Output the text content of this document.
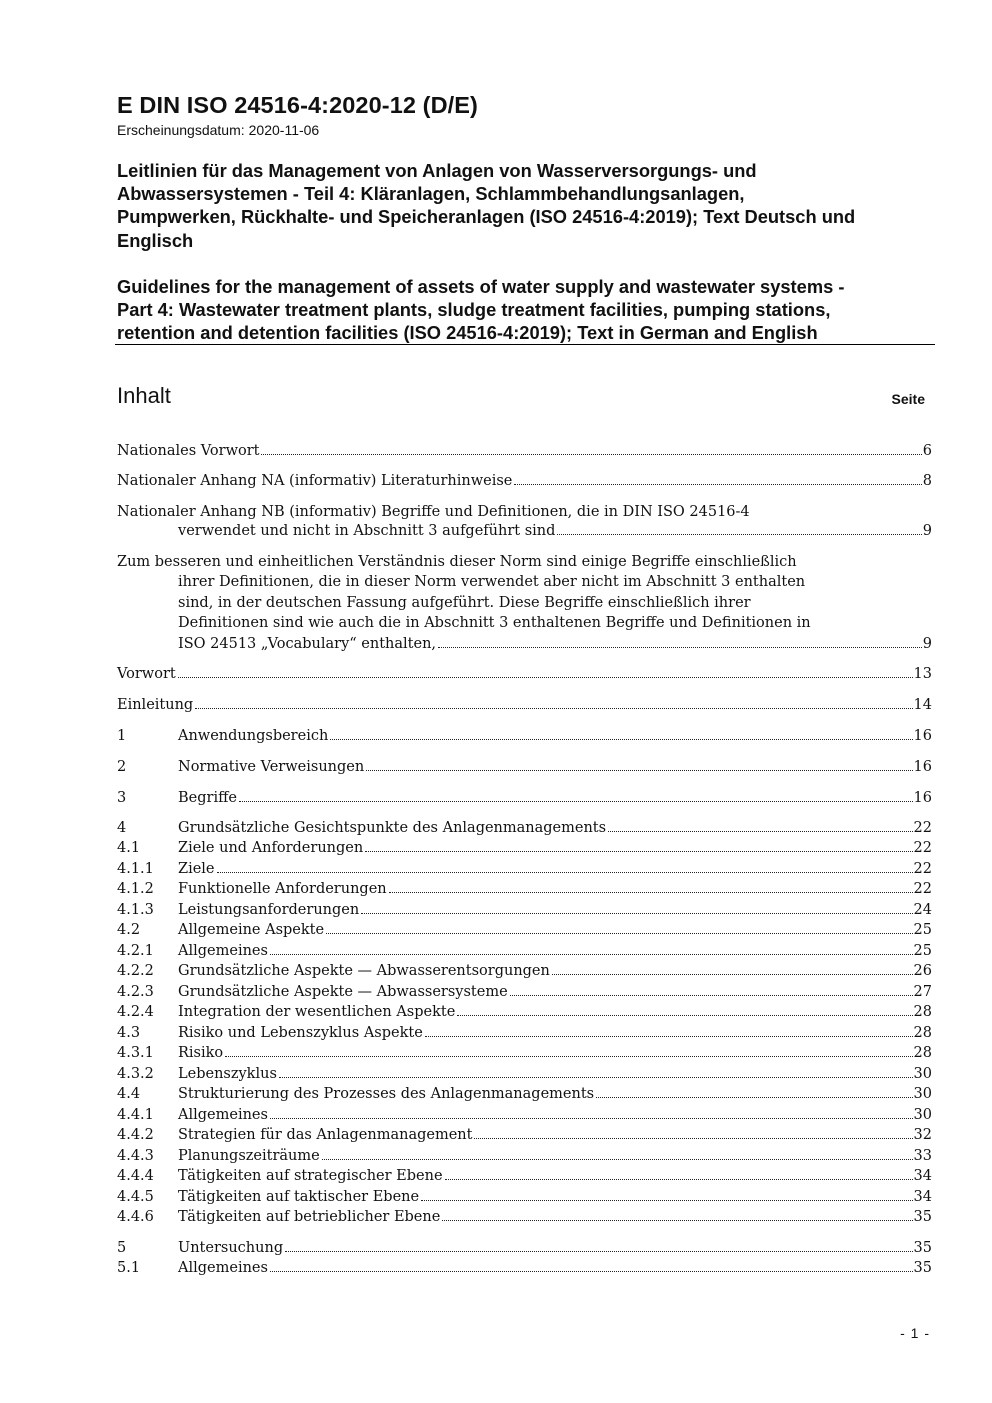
E DIN ISO 24516-4:2020-12 (D/E)
Erscheinungsdatum: 2020-11-06
Leitlinien für das Management von Anlagen von Wasserversorgungs- und
Abwassersystemen - Teil 4: Kläranlagen, Schlammbehandlungsanlagen,
Pumpwerken, Rückhalte- und Speicheranlagen (ISO 24516-4:2019); Text Deutsch und
Englisch
Guidelines for the management of assets of water supply and wastewater systems -
Part 4: Wastewater treatment plants, sludge treatment facilities, pumping stations,
retention and detention facilities (ISO 24516-4:2019); Text in German and English
Inhalt	Seite
Nationales Vorwort	6
Nationaler Anhang NA (informativ) Literaturhinweise	8
Nationaler Anhang NB (informativ) Begriffe und Definitionen, die in DIN ISO 24516-4
verwendet und nicht in Abschnitt 3 aufgeführt sind	9
Zum besseren und einheitlichen Verständnis dieser Norm sind einige Begriffe einschließlich
ihrer Definitionen, die in dieser Norm verwendet aber nicht im Abschnitt 3 enthalten
sind, in der deutschen Fassung aufgeführt. Diese Begriffe einschließlich ihrer
Definitionen sind wie auch die in Abschnitt 3 enthaltenen Begriffe und Definitionen in
ISO 24513 „Vocabulary“ enthalten,	9
Vorwort	13
Einleitung	14
1	Anwendungsbereich	16
2	Normative Verweisungen	16
3	Begriffe	16
4	Grundsätzliche Gesichtspunkte des Anlagenmanagements	22
4.1	Ziele und Anforderungen	22
4.1.1	Ziele	22
4.1.2	Funktionelle Anforderungen	22
4.1.3	Leistungsanforderungen	24
4.2	Allgemeine Aspekte	25
4.2.1	Allgemeines	25
4.2.2	Grundsätzliche Aspekte — Abwasserentsorgungen	26
4.2.3	Grundsätzliche Aspekte — Abwassersysteme	27
4.2.4	Integration der wesentlichen Aspekte	28
4.3	Risiko und Lebenszyklus Aspekte	28
4.3.1	Risiko	28
4.3.2	Lebenszyklus	30
4.4	Strukturierung des Prozesses des Anlagenmanagements	30
4.4.1	Allgemeines	30
4.4.2	Strategien für das Anlagenmanagement	32
4.4.3	Planungszeiträume	33
4.4.4	Tätigkeiten auf strategischer Ebene	34
4.4.5	Tätigkeiten auf taktischer Ebene	34
4.4.6	Tätigkeiten auf betrieblicher Ebene	35
5	Untersuchung	35
5.1	Allgemeines	35
- 1 -
